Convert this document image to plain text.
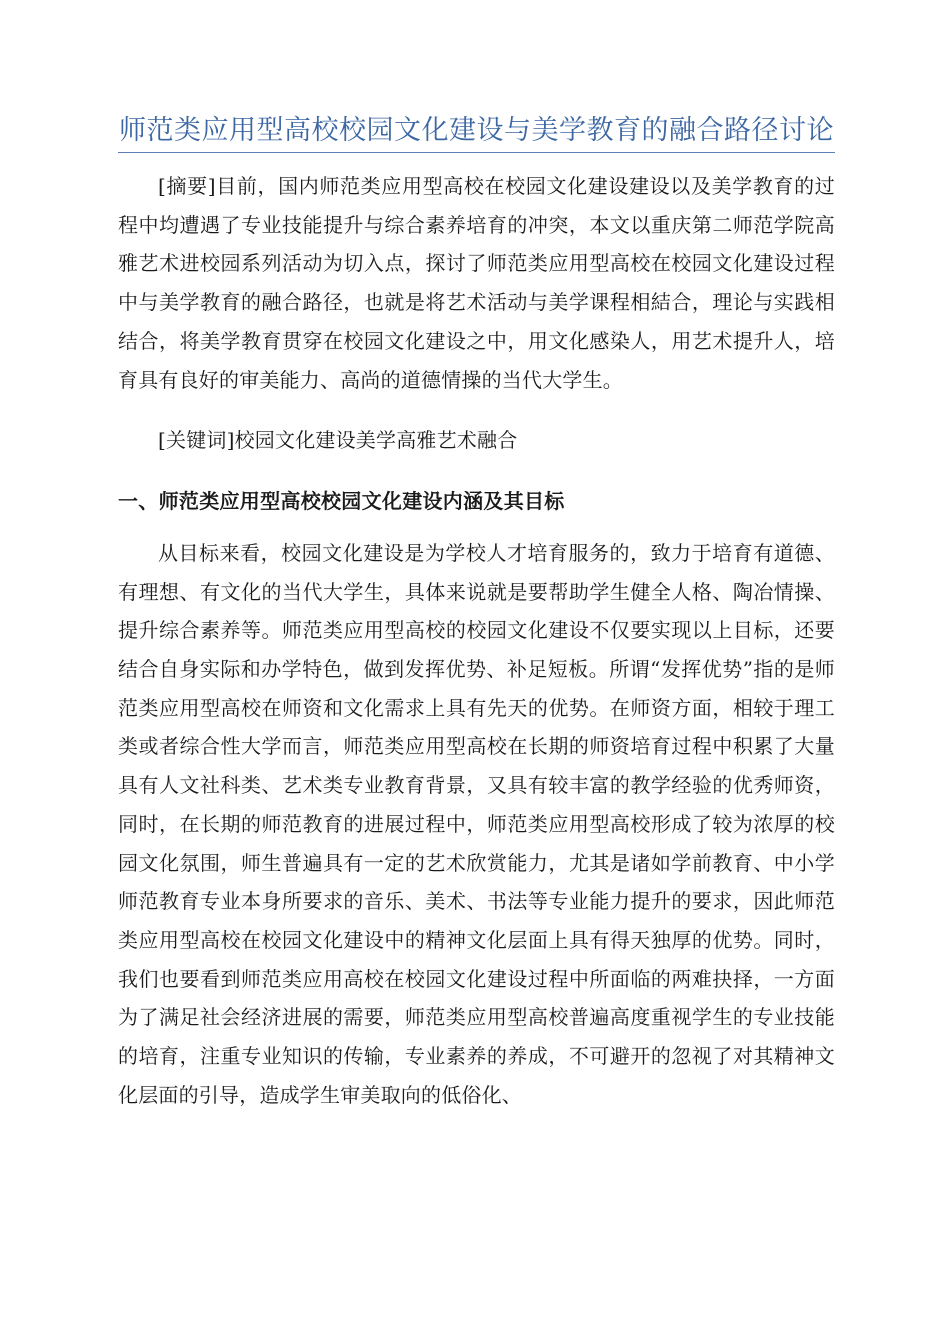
师范类应用型高校校园文化建设与美学教育的融合路径讨论

[摘要]目前，国内师范类应用型高校在校园文化建设建设以及美学教育的过程中均遭遇了专业技能提升与综合素养培育的冲突，本文以重庆第二师范学院高雅艺术进校园系列活动为切入点，探讨了师范类应用型高校在校园文化建设过程中与美学教育的融合路径，也就是将艺术活动与美学课程相結合，理论与实践相结合，将美学教育贯穿在校园文化建设之中，用文化感染人，用艺术提升人，培育具有良好的审美能力、高尚的道德情操的当代大学生。

[关键词]校园文化建设美学高雅艺术融合

一、师范类应用型高校校园文化建设内涵及其目标

从目标来看，校园文化建设是为学校人才培育服务的，致力于培育有道德、有理想、有文化的当代大学生，具体来说就是要帮助学生健全人格、陶冶情操、提升综合素养等。师范类应用型高校的校园文化建设不仅要实现以上目标，还要结合自身实际和办学特色，做到发挥优势、补足短板。所谓“发挥优势”指的是师范类应用型高校在师资和文化需求上具有先天的优势。在师资方面，相较于理工类或者综合性大学而言，师范类应用型高校在长期的师资培育过程中积累了大量具有人文社科类、艺术类专业教育背景，又具有较丰富的教学经验的优秀师资，同时，在长期的师范教育的进展过程中，师范类应用型高校形成了较为浓厚的校园文化氛围，师生普遍具有一定的艺术欣赏能力，尤其是诸如学前教育、中小学师范教育专业本身所要求的音乐、美术、书法等专业能力提升的要求，因此师范类应用型高校在校园文化建设中的精神文化层面上具有得天独厚的优势。同时，我们也要看到师范类应用高校在校园文化建设过程中所面临的两难抉择，一方面为了满足社会经济进展的需要，师范类应用型高校普遍高度重视学生的专业技能的培育，注重专业知识的传输，专业素养的养成，不可避开的忽视了对其精神文化层面的引导，造成学生审美取向的低俗化、
